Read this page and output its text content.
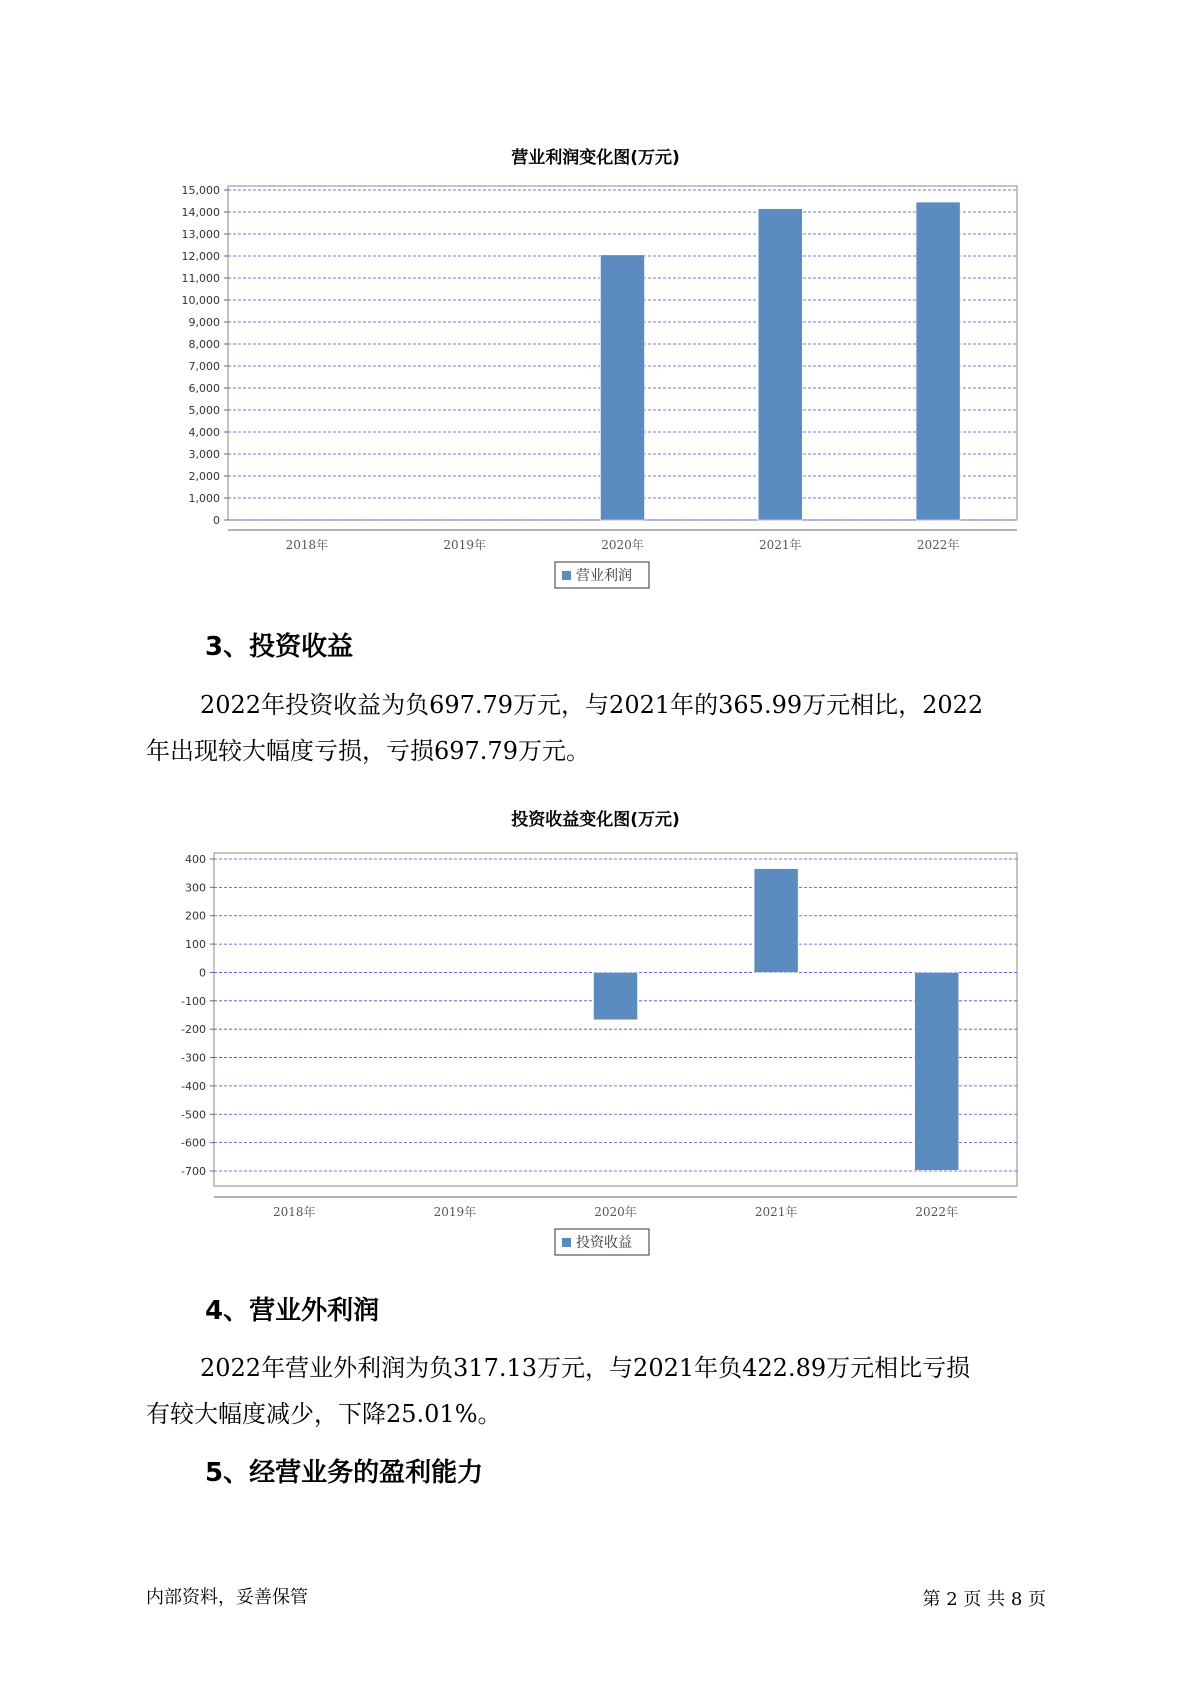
营业利润变化图(万元)
0
1,000
2,000
3,000
4,000
5,000
6,000
7,000
8,000
9,000
10,000
11,000
12,000
13,000
14,000
15,000
2018年	2019年	2020年	2021年	2022年
营业利润
3、投资收益
2022年投资收益为负697.79万元，与2021年的365.99万元相比，2022
年出现较大幅度亏损，亏损697.79万元。
投资收益变化图(万元)
400
300
200
100
0
-100
-200
-300
-400
-500
-600
-700
2018年	2019年	2020年	2021年	2022年
投资收益
4、营业外利润
2022年营业外利润为负317.13万元，与2021年负422.89万元相比亏损
有较大幅度减少，下降25.01%。
5、经营业务的盈利能力
内部资料，妥善保管	第 2 页 共 8 页
